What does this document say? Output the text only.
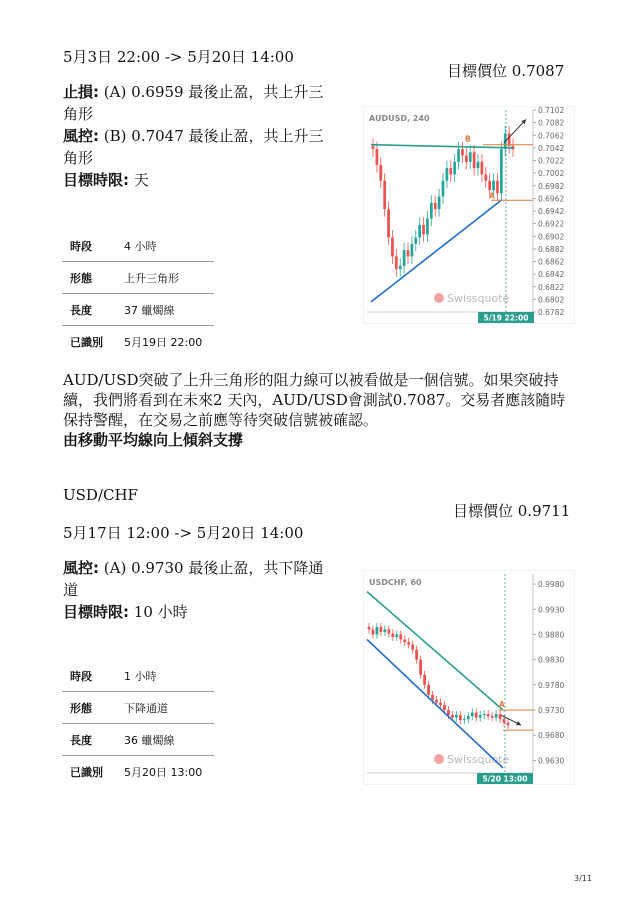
5月3日 22:00 -> 5月20日 14:00
目標價位 0.7087
止損: (A) 0.6959 最後止盈，共上升三角形
風控: (B) 0.7047 最後止盈，共上升三角形
目標時限: 天
時段	4 小時
形態	上升三角形
長度	37 蠟燭線
已識別	5月19日 22:00
0.7102
0.7082
0.7062
0.7042
0.7022
0.7002
0.6982
0.6962
0.6942
0.6922
0.6902
0.6882
0.6862
0.6842
0.6822
0.6802
0.6782
AUDUSD, 240
Swissquote
5/19 22:00
A
B
AUD/USD突破了上升三角形的阻力線可以被看做是一個信號。如果突破持續，我們將看到在未來2 天內，AUD/USD會測試0.7087。交易者應該隨時保持警醒，在交易之前應等待突破信號被確認。
由移動平均線向上傾斜支撐
USD/CHF
目標價位 0.9711
5月17日 12:00 -> 5月20日 14:00
風控: (A) 0.9730 最後止盈，共下降通道
目標時限: 10 小時
時段	1 小時
形態	下降通道
長度	36 蠟燭線
已識別	5月20日 13:00
0.9980
0.9930
0.9880
0.9830
0.9780
0.9730
0.9680
0.9630
USDCHF, 60
Swissquote
5/20 13:00
A
3/11
